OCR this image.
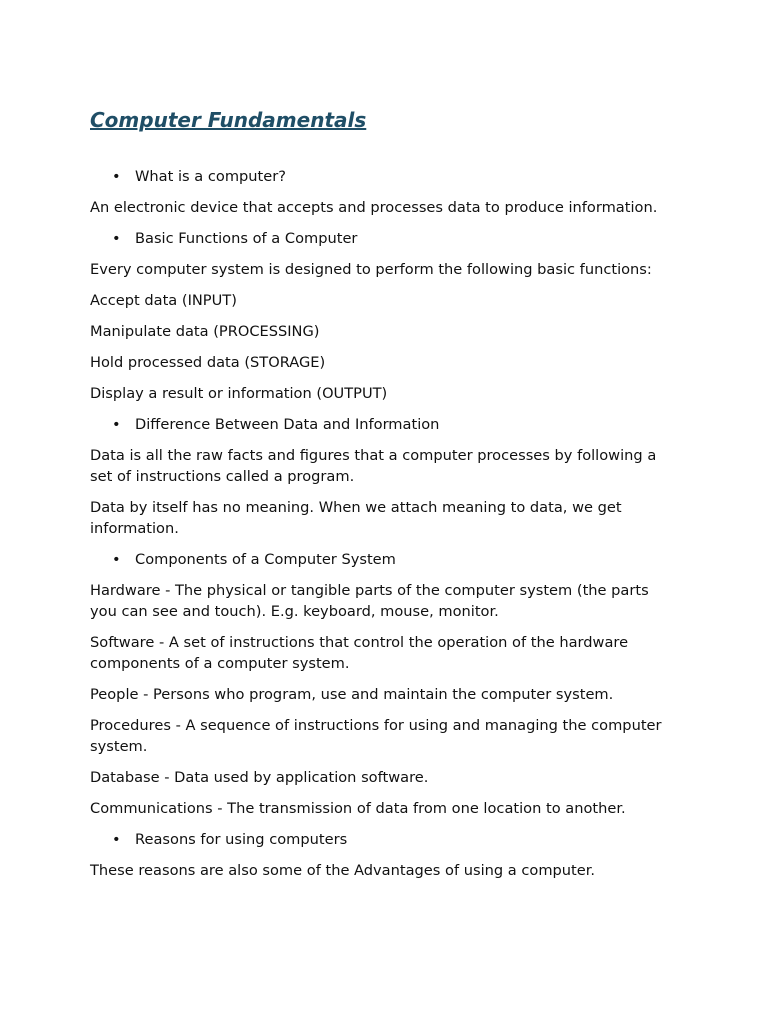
Computer Fundamentals

• What is a computer?

An electronic device that accepts and processes data to produce information.

• Basic Functions of a Computer

Every computer system is designed to perform the following basic functions:

Accept data (INPUT)

Manipulate data (PROCESSING)

Hold processed data (STORAGE)

Display a result or information (OUTPUT)

• Difference Between Data and Information

Data is all the raw facts and figures that a computer processes by following a set of instructions called a program.

Data by itself has no meaning. When we attach meaning to data, we get information.

• Components of a Computer System

Hardware - The physical or tangible parts of the computer system (the parts you can see and touch). E.g. keyboard, mouse, monitor.

Software - A set of instructions that control the operation of the hardware components of a computer system.

People - Persons who program, use and maintain the computer system.

Procedures - A sequence of instructions for using and managing the computer system.

Database - Data used by application software.

Communications - The transmission of data from one location to another.

• Reasons for using computers

These reasons are also some of the Advantages of using a computer.
